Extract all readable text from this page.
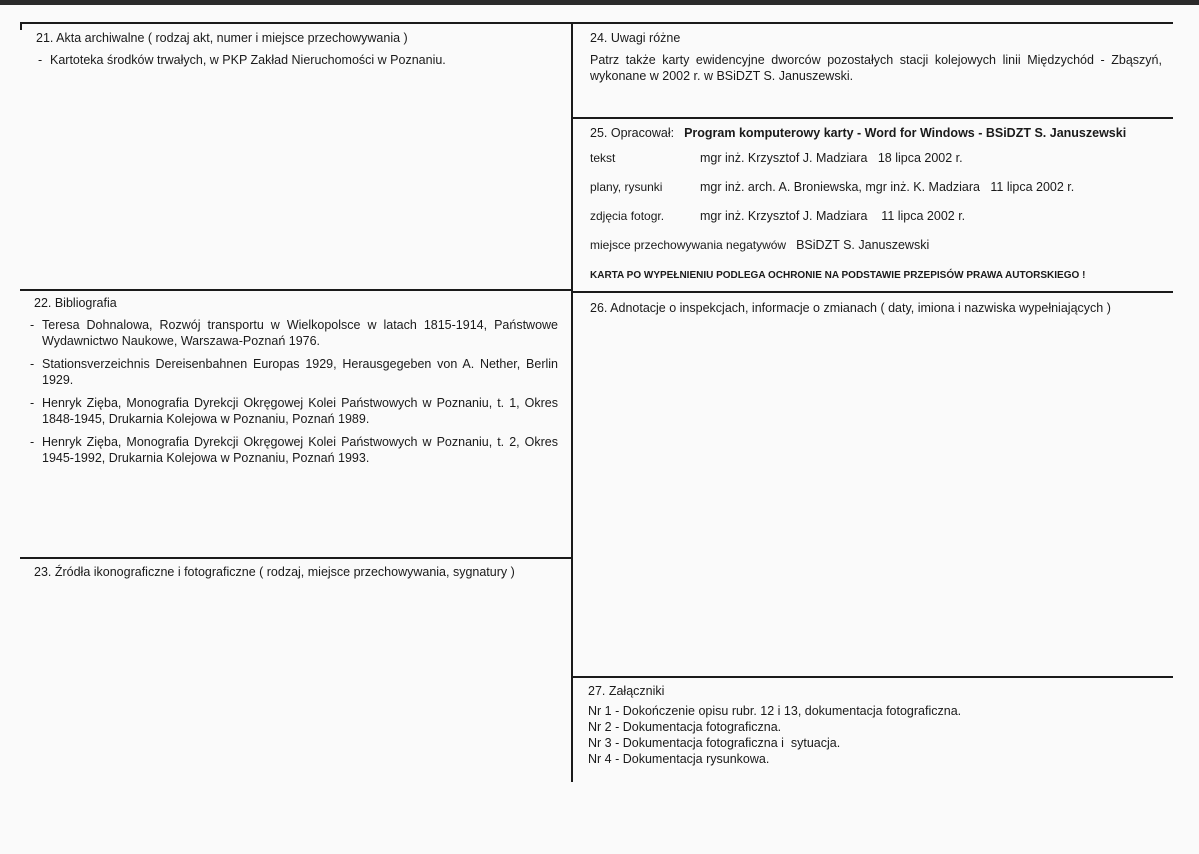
21. Akta archiwalne ( rodzaj akt, numer i miejsce przechowywania )
- Kartoteka środków trwałych, w PKP Zakład Nieruchomości w Poznaniu.
22. Bibliografia
- Teresa Dohnalowa, Rozwój transportu w Wielkopolsce w latach 1815-1914, Państwowe Wydawnictwo Naukowe, Warszawa-Poznań 1976.
- Stationsverzeichnis Dereisenbahnen Europas 1929, Herausgegeben von A. Nether, Berlin 1929.
- Henryk Zięba, Monografia Dyrekcji Okręgowej Kolei Państwowych w Poznaniu, t. 1, Okres 1848-1945, Drukarnia Kolejowa w Poznaniu, Poznań 1989.
- Henryk Zięba, Monografia Dyrekcji Okręgowej Kolei Państwowych w Poznaniu, t. 2, Okres 1945-1992, Drukarnia Kolejowa w Poznaniu, Poznań 1993.
23. Źródła ikonograficzne i fotograficzne ( rodzaj, miejsce przechowywania, sygnatury )
24. Uwagi różne

Patrz także karty ewidencyjne dworców pozostałych stacji kolejowych linii Międzychód - Zbąszyń, wykonane w 2002 r. w BSiDZT S. Januszewski.

25. Opracował: Program komputerowy karty - Word for Windows - BSiDZT S. Januszewski
tekst	mgr inż. Krzysztof J. Madziara   18 lipca 2002 r.
plany, rysunki	mgr inż. arch. A. Broniewska, mgr inż. K. Madziara   11 lipca 2002 r.
zdjęcia fotogr.	mgr inż. Krzysztof J. Madziara    11 lipca 2002 r.
miejsce przechowywania negatywów BSiDZT S. Januszewski
KARTA PO WYPEŁNIENIU PODLEGA OCHRONIE NA PODSTAWIE PRZEPISÓW PRAWA AUTORSKIEGO !
26. Adnotacje o inspekcjach, informacje o zmianach ( daty, imiona i nazwiska wypełniających )
27. Załączniki
Nr 1 - Dokończenie opisu rubr. 12 i 13, dokumentacja fotograficzna.
Nr 2 - Dokumentacja fotograficzna.
Nr 3 - Dokumentacja fotograficzna i  sytuacja.
Nr 4 - Dokumentacja rysunkowa.
